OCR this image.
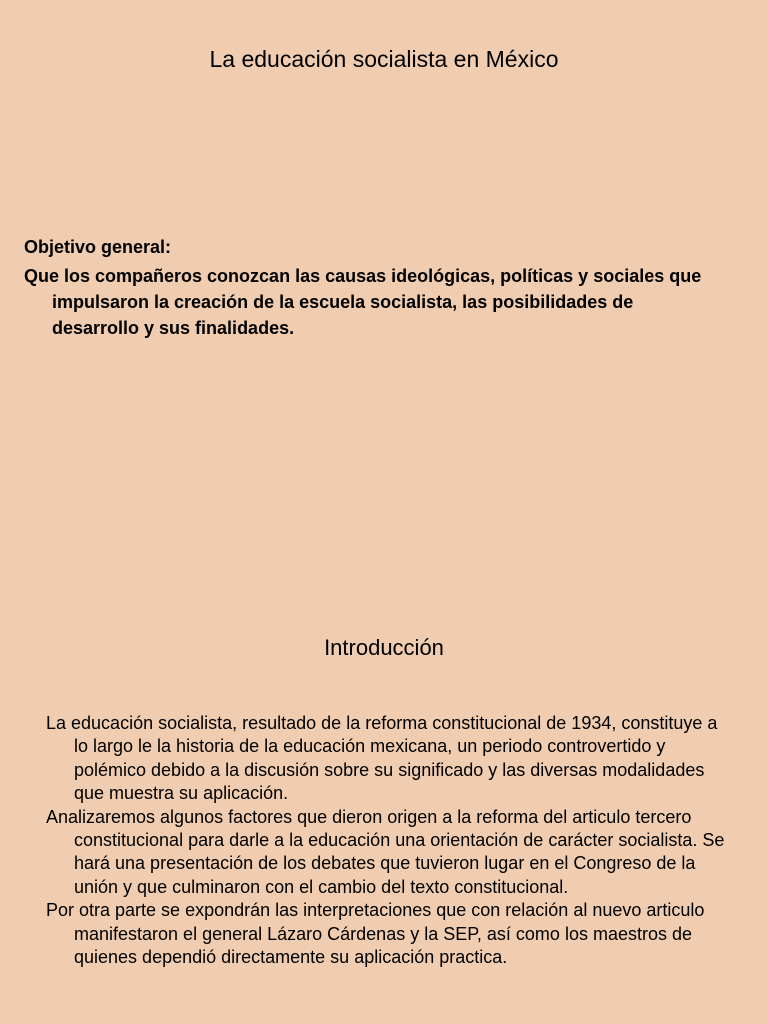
La educación socialista en México

Objetivo general:

Que los compañeros conozcan las causas ideológicas, políticas y sociales que impulsaron la creación de la escuela socialista, las posibilidades de desarrollo y sus finalidades.

Introducción

La educación socialista, resultado de la reforma constitucional de 1934, constituye a lo largo le la historia de la educación mexicana, un periodo controvertido y polémico debido a la discusión sobre su significado y las diversas modalidades que muestra su aplicación.

Analizaremos algunos factores que dieron origen a la reforma del articulo tercero constitucional para darle a la educación una orientación de carácter socialista. Se hará una presentación de los debates que tuvieron lugar en el Congreso de la unión y que culminaron con el cambio del texto constitucional.

Por otra parte se expondrán las interpretaciones que con relación al nuevo articulo manifestaron el general Lázaro Cárdenas y la SEP, así como los maestros de quienes dependió directamente su aplicación practica.
